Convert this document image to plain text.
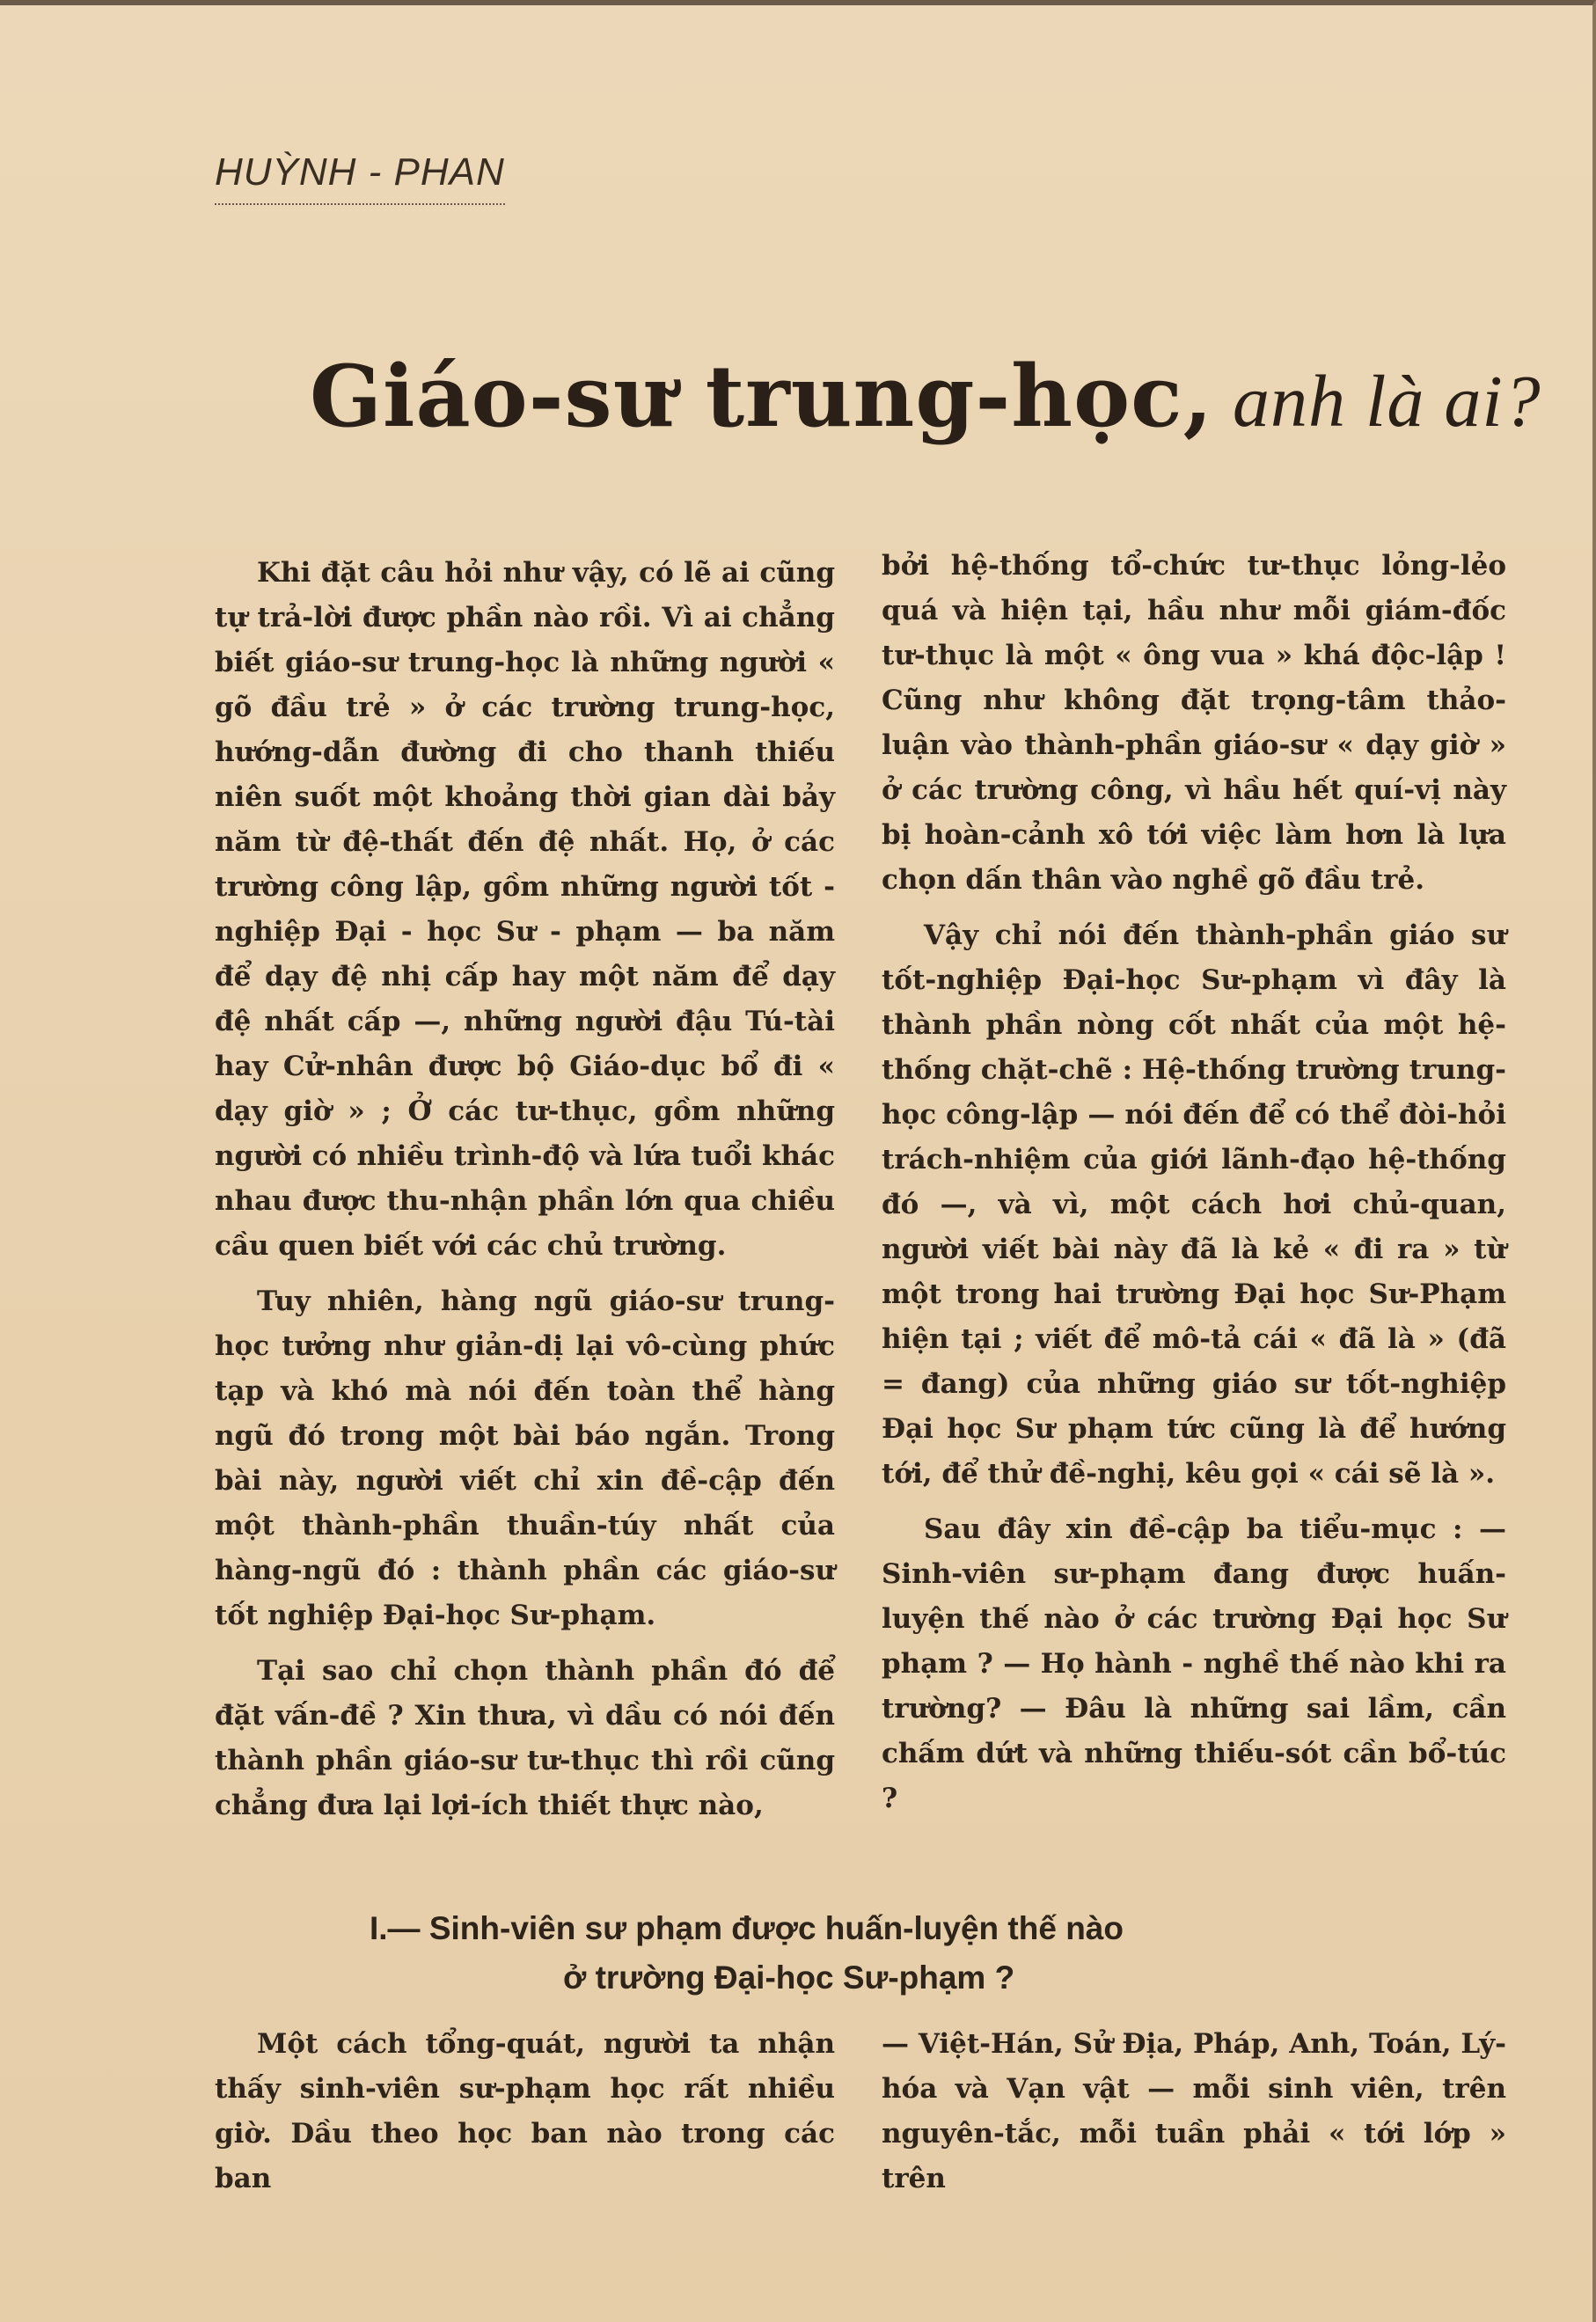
HUỲNH - PHAN
Giáo-sư trung-học, anh là ai?

Khi đặt câu hỏi như vậy, có lẽ ai cũng tự trả-lời được phần nào rồi. Vì ai chẳng biết giáo-sư trung-học là những người « gõ đầu trẻ » ở các trường trung-học, hướng-dẫn đường đi cho thanh thiếu niên suốt một khoảng thời gian dài bảy năm từ đệ-thất đến đệ nhất. Họ, ở các trường công lập, gồm những người tốt - nghiệp Đại - học Sư - phạm — ba năm để dạy đệ nhị cấp hay một năm để dạy đệ nhất cấp —, những người đậu Tú-tài hay Cử-nhân được bộ Giáo-dục bổ đi « dạy giờ » ; Ở các tư-thục, gồm những người có nhiều trình-độ và lứa tuổi khác nhau được thu-nhận phần lớn qua chiều cầu quen biết với các chủ trường.

Tuy nhiên, hàng ngũ giáo-sư trung-học tưởng như giản-dị lại vô-cùng phức tạp và khó mà nói đến toàn thể hàng ngũ đó trong một bài báo ngắn. Trong bài này, người viết chỉ xin đề-cập đến một thành-phần thuần-túy nhất của hàng-ngũ đó : thành phần các giáo-sư tốt nghiệp Đại-học Sư-phạm.

Tại sao chỉ chọn thành phần đó để đặt vấn-đề ? Xin thưa, vì dầu có nói đến thành phần giáo-sư tư-thục thì rồi cũng chẳng đưa lại lợi-ích thiết thực nào,

bởi hệ-thống tổ-chức tư-thục lỏng-lẻo quá và hiện tại, hầu như mỗi giám-đốc tư-thục là một « ông vua » khá độc-lập ! Cũng như không đặt trọng-tâm thảo-luận vào thành-phần giáo-sư « dạy giờ » ở các trường công, vì hầu hết quí-vị này bị hoàn-cảnh xô tới việc làm hơn là lựa chọn dấn thân vào nghề gõ đầu trẻ.

Vậy chỉ nói đến thành-phần giáo sư tốt-nghiệp Đại-học Sư-phạm vì đây là thành phần nòng cốt nhất của một hệ-thống chặt-chẽ : Hệ-thống trường trung-học công-lập — nói đến để có thể đòi-hỏi trách-nhiệm của giới lãnh-đạo hệ-thống đó —, và vì, một cách hơi chủ-quan, người viết bài này đã là kẻ « đi ra » từ một trong hai trường Đại học Sư-Phạm hiện tại ; viết để mô-tả cái « đã là » (đã = đang) của những giáo sư tốt-nghiệp Đại học Sư phạm tức cũng là để hướng tới, để thử đề-nghị, kêu gọi « cái sẽ là ».

Sau đây xin đề-cập ba tiểu-mục : — Sinh-viên sư-phạm đang được huấn-luyện thế nào ở các trường Đại học Sư phạm ? — Họ hành - nghề thế nào khi ra trường? — Đâu là những sai lầm, cần chấm dứt và những thiếu-sót cần bổ-túc ?

I.— Sinh-viên sư phạm được huấn-luyện thế nào
ở trường Đại-học Sư-phạm ?

Một cách tổng-quát, người ta nhận thấy sinh-viên sư-phạm học rất nhiều giờ. Dầu theo học ban nào trong các ban

— Việt-Hán, Sử Địa, Pháp, Anh, Toán, Lý-hóa và Vạn vật — mỗi sinh viên, trên nguyên-tắc, mỗi tuần phải « tới lớp » trên
